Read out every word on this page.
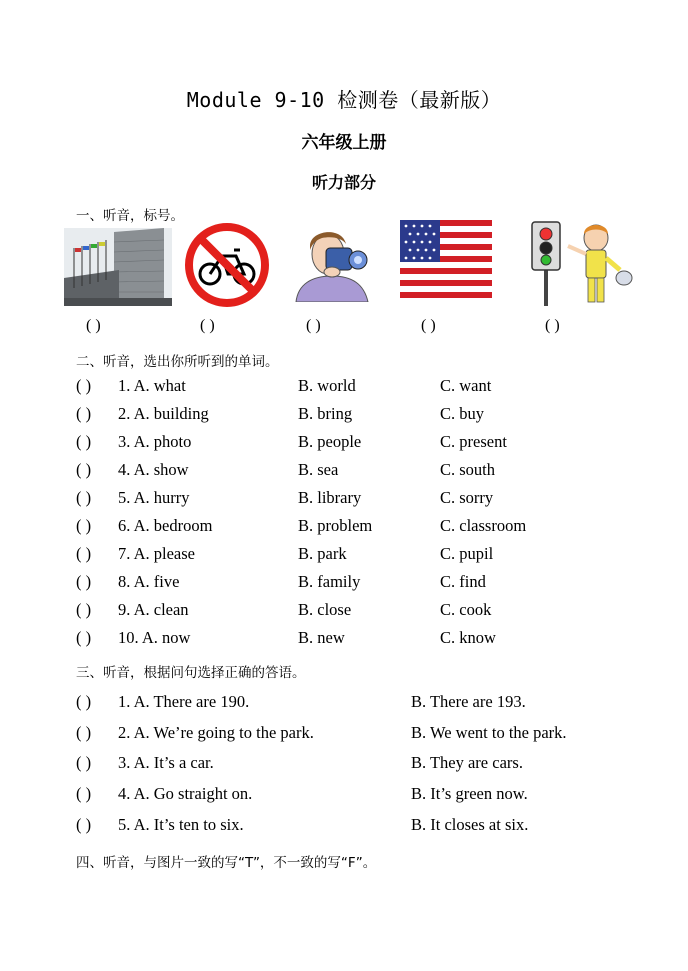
Module 9-10 检测卷（最新版）
六年级上册
听力部分
一、听音，标号。
( )	( )	( )	( )	( )
二、听音，选出你所听到的单词。
( ) 1. A. what	B. world	C. want
( ) 2. A. building	B. bring	C. buy
( ) 3. A. photo	B. people	C. present
( ) 4. A. show	B. sea	C. south
( ) 5. A. hurry	B. library	C. sorry
( ) 6. A. bedroom	B. problem	C. classroom
( ) 7. A. please	B. park	C. pupil
( ) 8. A. five	B. family	C. find
( ) 9. A. clean	B. close	C. cook
( ) 10. A. now	B. new	C. know
三、听音，根据问句选择正确的答语。
( ) 1. A. There are 190.	B. There are 193.
( ) 2. A. We’re going to the park.	B. We went to the park.
( ) 3. A. It’s a car.	B. They are cars.
( ) 4. A. Go straight on.	B. It’s green now.
( ) 5. A. It’s ten to six.	B. It closes at six.
四、听音，与图片一致的写“T”，不一致的写“F”。
